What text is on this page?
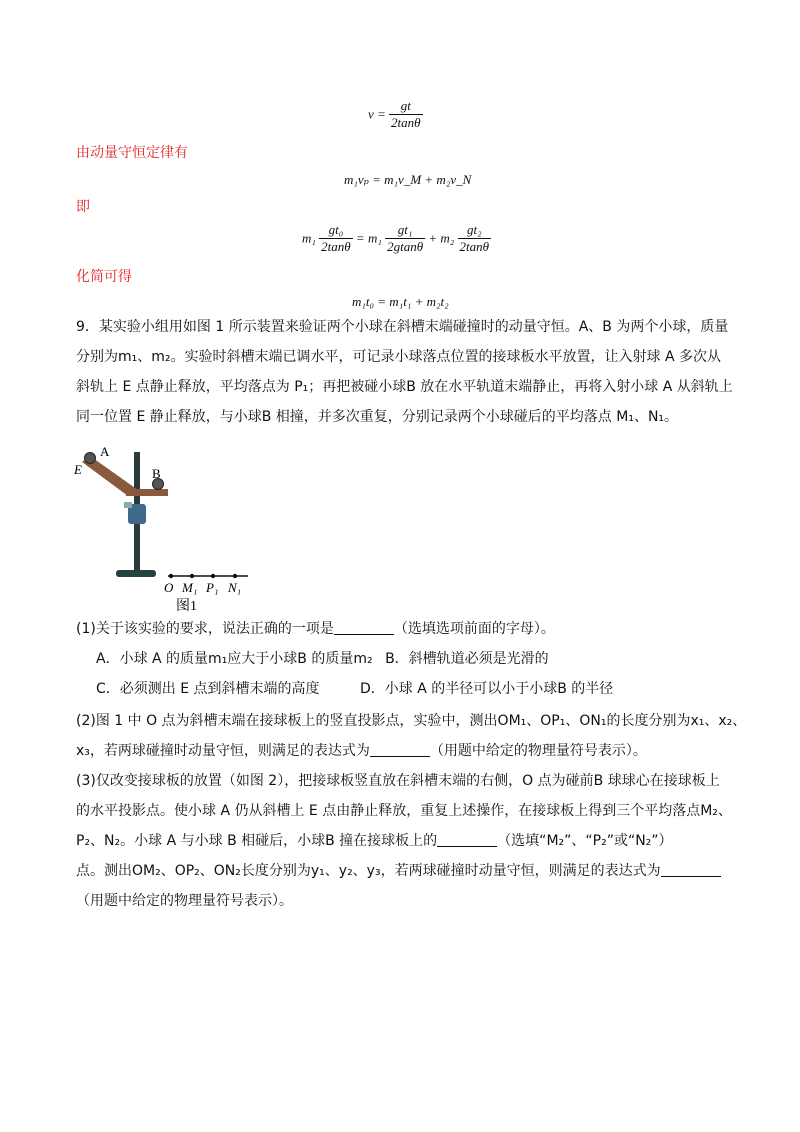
$v = \frac{gt}{2\tan\theta}$
由动量守恒定律有
m₁vₚ = m₁v_M + m₂v_N
即
$m_1 \frac{\text{gt₀}}{2\tan\theta} = m_1 \frac{\text{gt₁}}{2gtan\theta} + m_2 \frac{\text{gt₂}}{2\tan\theta}$
化简可得
m₁t₀ = m₁t₁ + m₂t₂
9．某实验小组用如图 1 所示装置来验证两个小球在斜槽末端碰撞时的动量守恒。A、B 为两个小球，质量
分别为m₁、m₂。实验时斜槽末端已调水平，可记录小球落点位置的接球板水平放置，让入射球 A 多次从
斜轨上 E 点静止释放，平均落点为 P₁；再把被碰小球B 放在水平轨道末端静止，再将入射小球 A 从斜轨上
同一位置 E 静止释放，与小球B 相撞，并多次重复，分别记录两个小球碰后的平均落点 M₁、N₁。
A
E	B
O M₁ P₁ N₁
图1
(1)关于该实验的要求，说法正确的一项是	（选填选项前面的字母）。
A．小球 A 的质量m₁应大于小球B 的质量m₂ B．斜槽轨道必须是光滑的
C．必须测出 E 点到斜槽末端的高度	D．小球 A 的半径可以小于小球B 的半径
(2)图 1 中 O 点为斜槽末端在接球板上的竖直投影点，实验中，测出OM₁、OP₁、ON₁的长度分别为x₁、x₂、
x₃，若两球碰撞时动量守恒，则满足的表达式为	（用题中给定的物理量符号表示）。
(3)仅改变接球板的放置（如图 2），把接球板竖直放在斜槽末端的右侧，O 点为碰前B 球球心在接球板上
的水平投影点。使小球 A 仍从斜槽上 E 点由静止释放，重复上述操作，在接球板上得到三个平均落点M₂、
P₂、N₂。小球 A 与小球 B 相碰后，小球B 撞在接球板上的	（选填“M₂”、“P₂”或“N₂”）
点。测出OM₂、OP₂、ON₂长度分别为y₁、y₂、y₃，若两球碰撞时动量守恒，则满足的表达式为
（用题中给定的物理量符号表示）。
